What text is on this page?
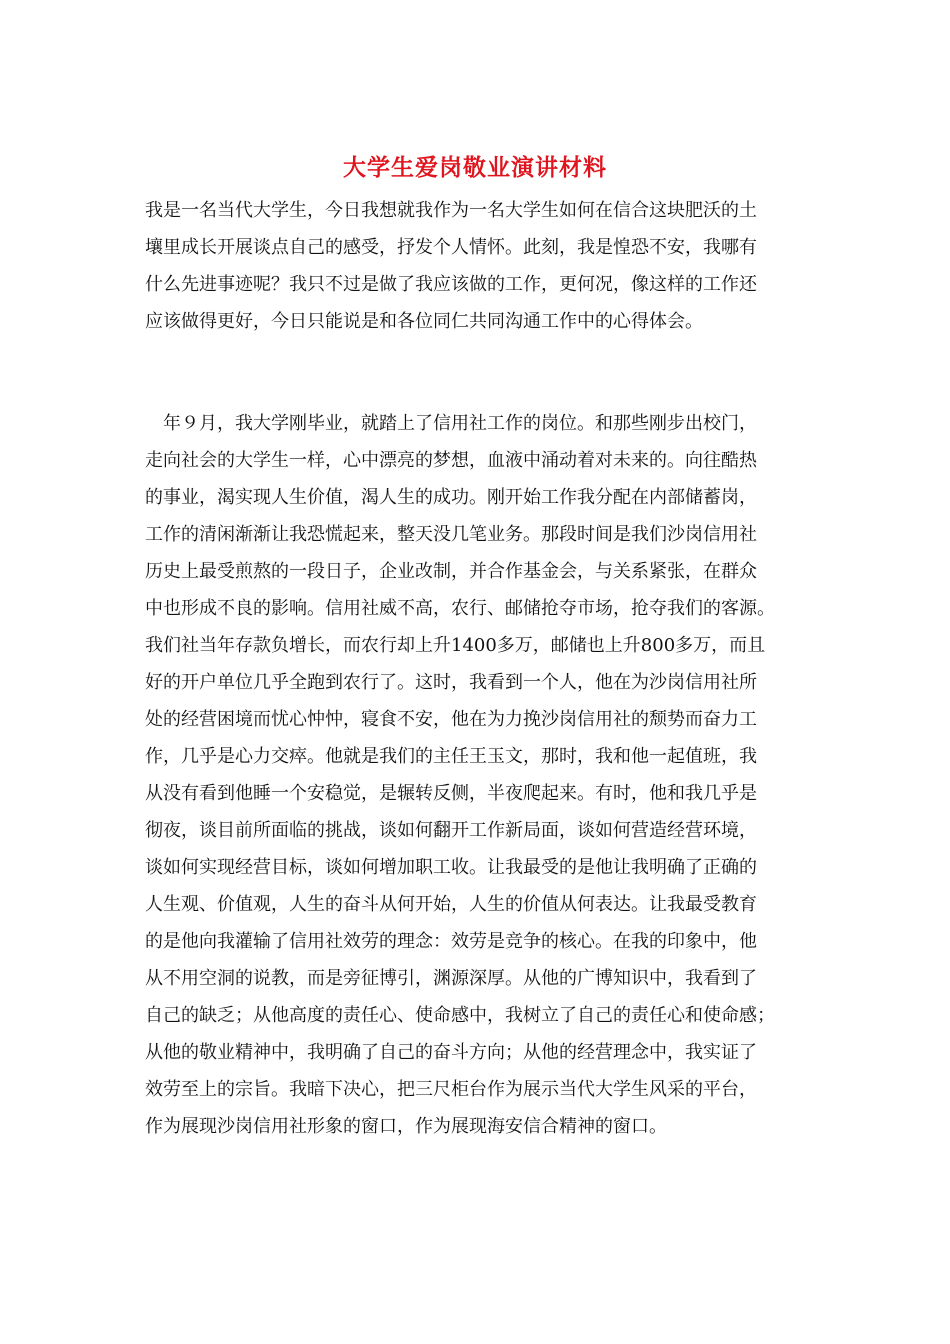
大学生爱岗敬业演讲材料
我是一名当代大学生，今日我想就我作为一名大学生如何在信合这块肥沃的土
壤里成长开展谈点自己的感受，抒发个人情怀。此刻，我是惶恐不安，我哪有
什么先进事迹呢？我只不过是做了我应该做的工作，更何况，像这样的工作还
应该做得更好，今日只能说是和各位同仁共同沟通工作中的心得体会。
　年９月，我大学刚毕业，就踏上了信用社工作的岗位。和那些刚步出校门，
走向社会的大学生一样，心中漂亮的梦想，血液中涌动着对未来的。向往酷热
的事业，渴实现人生价值，渴人生的成功。刚开始工作我分配在内部储蓄岗，
工作的清闲渐渐让我恐慌起来，整天没几笔业务。那段时间是我们沙岗信用社
历史上最受煎熬的一段日子，企业改制，并合作基金会，与关系紧张，在群众
中也形成不良的影响。信用社威不高，农行、邮储抢夺市场，抢夺我们的客源。
我们社当年存款负增长，而农行却上升1400多万，邮储也上升800多万，而且
好的开户单位几乎全跑到农行了。这时，我看到一个人，他在为沙岗信用社所
处的经营困境而忧心忡忡，寝食不安，他在为力挽沙岗信用社的颓势而奋力工
作，几乎是心力交瘁。他就是我们的主任王玉文，那时，我和他一起值班，我
从没有看到他睡一个安稳觉，是辗转反侧，半夜爬起来。有时，他和我几乎是
彻夜，谈目前所面临的挑战，谈如何翻开工作新局面，谈如何营造经营环境，
谈如何实现经营目标，谈如何增加职工收。让我最受的是他让我明确了正确的
人生观、价值观，人生的奋斗从何开始，人生的价值从何表达。让我最受教育
的是他向我灌输了信用社效劳的理念：效劳是竞争的核心。在我的印象中，他
从不用空洞的说教，而是旁征博引，渊源深厚。从他的广博知识中，我看到了
自己的缺乏；从他高度的责任心、使命感中，我树立了自己的责任心和使命感；
从他的敬业精神中，我明确了自己的奋斗方向；从他的经营理念中，我实证了
效劳至上的宗旨。我暗下决心，把三尺柜台作为展示当代大学生风采的平台，
作为展现沙岗信用社形象的窗口，作为展现海安信合精神的窗口。
